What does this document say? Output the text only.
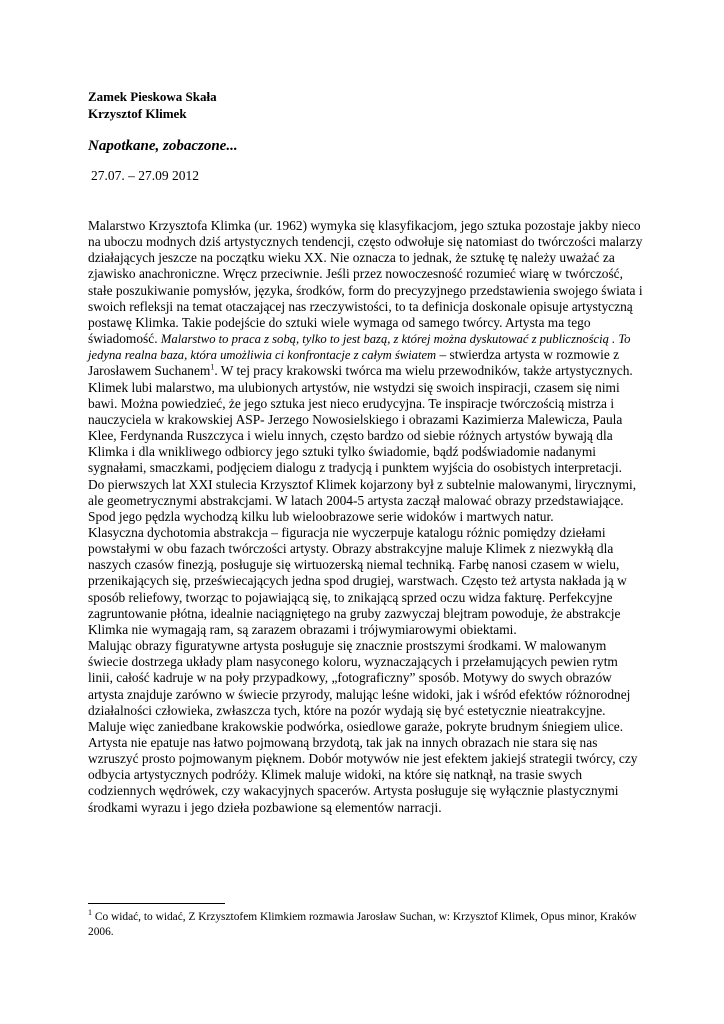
Zamek Pieskowa Skała

Krzysztof Klimek

Napotkane, zobaczone...

27.07. – 27.09 2012

Malarstwo Krzysztofa Klimka (ur. 1962) wymyka się klasyfikacjom, jego sztuka pozostaje jakby nieco na uboczu modnych dziś artystycznych tendencji, często odwołuje się natomiast do twórczości malarzy działających jeszcze na początku wieku XX. Nie oznacza to jednak, że sztukę tę należy uważać za zjawisko anachroniczne. Wręcz przeciwnie. Jeśli przez nowoczesność rozumieć wiarę w twórczość, stałe poszukiwanie pomysłów, języka, środków, form do precyzyjnego przedstawienia swojego świata i swoich refleksji na temat otaczającej nas rzeczywistości, to ta definicja doskonale opisuje artystyczną postawę Klimka. Takie podejście do sztuki wiele wymaga od samego twórcy. Artysta ma tego świadomość. Malarstwo to praca z sobą, tylko to jest bazą, z której można dyskutować z publicznością . To jedyna realna baza, która umożliwia ci konfrontacje z całym światem – stwierdza artysta w rozmowie z Jarosławem Suchanem$^1$. W tej pracy krakowski twórca ma wielu przewodników, także artystycznych. Klimek lubi malarstwo, ma ulubionych artystów, nie wstydzi się swoich inspiracji, czasem się nimi bawi. Można powiedzieć, że jego sztuka jest nieco erudycyjna. Te inspiracje twórczością mistrza i nauczyciela w krakowskiej ASP- Jerzego Nowosielskiego i obrazami Kazimierza Malewicza, Paula Klee, Ferdynanda Ruszczyca i wielu innych, często bardzo od siebie różnych artystów bywają dla Klimka i dla wnikliwego odbiorcy jego sztuki tylko świadomie, bądź podświadomie nadanymi sygnałami, smaczkami, podjęciem dialogu z tradycją i punktem wyjścia do osobistych interpretacji.

Do pierwszych lat XXI stulecia Krzysztof Klimek kojarzony był z subtelnie malowanymi, lirycznymi, ale geometrycznymi abstrakcjami. W latach 2004-5 artysta zaczął malować obrazy przedstawiające. Spod jego pędzla wychodzą kilku lub wieloobrazowe serie widoków i martwych natur.

Klasyczna dychotomia abstrakcja – figuracja nie wyczerpuje katalogu różnic pomiędzy dziełami powstałymi w obu fazach twórczości artysty. Obrazy abstrakcyjne maluje Klimek z niezwykłą dla naszych czasów finezją, posługuje się wirtuozerską niemal techniką. Farbę nanosi czasem w wielu, przenikających się, przeświecających jedna spod drugiej, warstwach. Często też artysta nakłada ją w sposób reliefowy, tworząc to pojawiającą się, to znikającą sprzed oczu widza fakturę. Perfekcyjne zagruntowanie płótna, idealnie naciągniętego na gruby zazwyczaj blejtram powoduje, że abstrakcje Klimka nie wymagają ram, są zarazem obrazami i trójwymiarowymi obiektami.

Malując obrazy figuratywne artysta posługuje się znacznie prostszymi środkami. W malowanym świecie dostrzega układy plam nasyconego koloru, wyznaczających i przełamujących pewien rytm linii, całość kadruje w na poły przypadkowy, „fotograficzny” sposób. Motywy do swych obrazów artysta znajduje zarówno w świecie przyrody, malując leśne widoki, jak i wśród efektów różnorodnej działalności człowieka, zwłaszcza tych, które na pozór wydają się być estetycznie nieatrakcyjne. Maluje więc zaniedbane krakowskie podwórka, osiedlowe garaże, pokryte brudnym śniegiem ulice. Artysta nie epatuje nas łatwo pojmowaną brzydotą, tak jak na innych obrazach nie stara się nas wzruszyć prosto pojmowanym pięknem. Dobór motywów nie jest efektem jakiejś strategii twórcy, czy odbycia artystycznych podróży. Klimek maluje widoki, na które się natknął, na trasie swych codziennych wędrówek, czy wakacyjnych spacerów. Artysta posługuje się wyłącznie plastycznymi środkami wyrazu i jego dzieła pozbawione są elementów narracji.

$^1$ Co widać, to widać, Z Krzysztofem Klimkiem rozmawia Jarosław Suchan, w: Krzysztof Klimek, Opus minor, Kraków 2006.
